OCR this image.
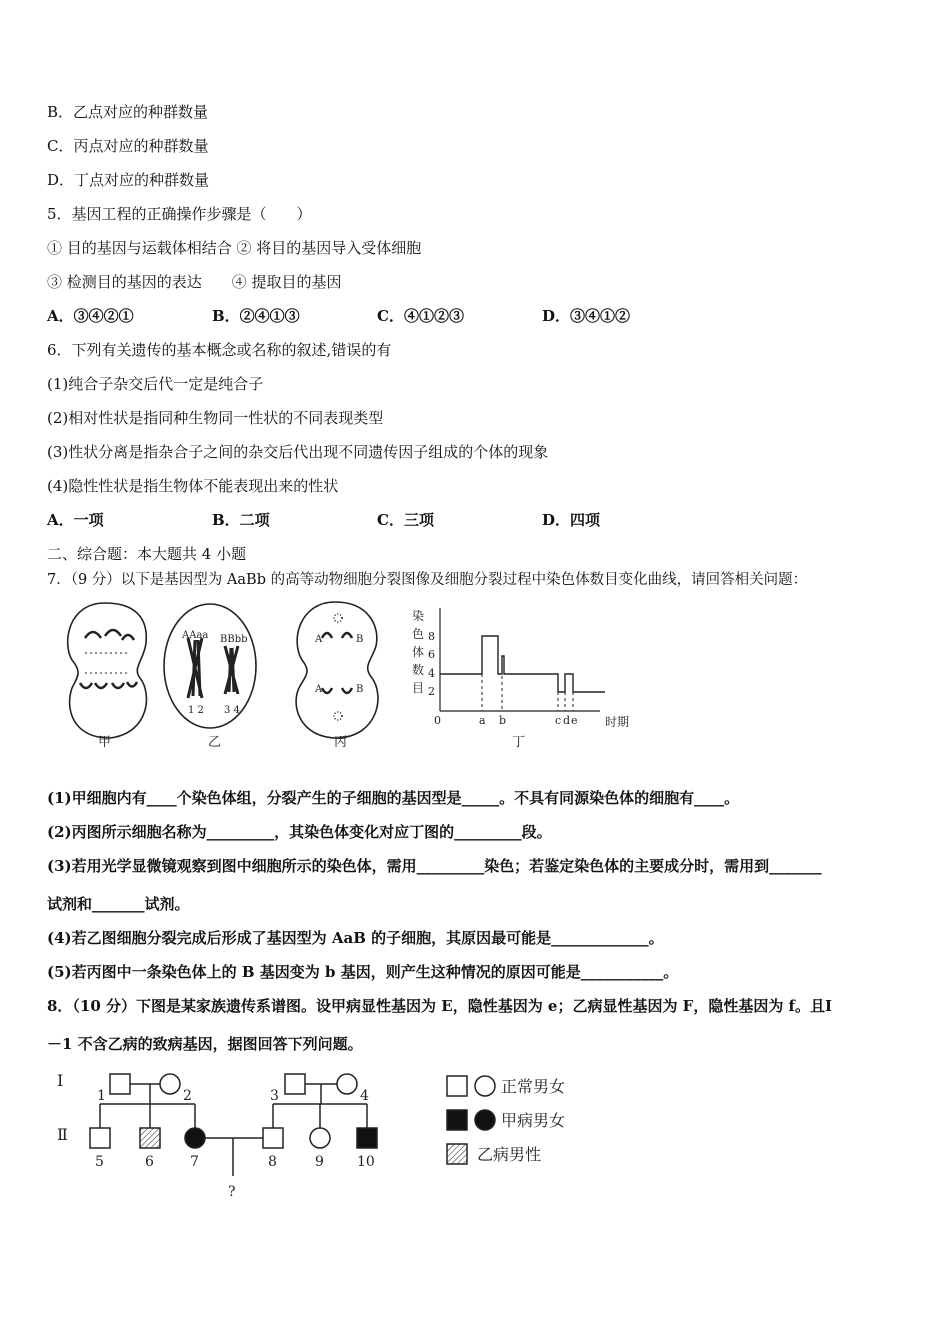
B．乙点对应的种群数量
C．丙点对应的种群数量
D．丁点对应的种群数量
5．基因工程的正确操作步骤是（　　）
① 目的基因与运载体相结合 ② 将目的基因导入受体细胞
③ 检测目的基因的表达　　④ 提取目的基因
A．③④②①	B．②④①③	C．④①②③	D．③④①②
6．下列有关遗传的基本概念或名称的叙述,错误的有
(1)纯合子杂交后代一定是纯合子
(2)相对性状是指同种生物同一性状的不同表现类型
(3)性状分离是指杂合子之间的杂交后代出现不同遗传因子组成的个体的现象
(4)隐性性状是指生物体不能表现出来的性状
A．一项	B．二项	C．三项	D．四项
二、综合题：本大题共 4 小题
7．（9 分）以下是基因型为 AaBb 的高等动物细胞分裂图像及细胞分裂过程中染色体数目变化曲线，请回答相关问题：
甲
AAaa BBbb
1 2 3 4
乙
A	B
A	B
丙
染
色
体
数
目
8
6
4
2
0	a b	c d e 时期
丁
(1)甲细胞内有____个染色体组，分裂产生的子细胞的基因型是_____。不具有同源染色体的细胞有____。
(2)丙图所示细胞名称为_________，其染色体变化对应丁图的_________段。
(3)若用光学显微镜观察到图中细胞所示的染色体，需用_________染色；若鉴定染色体的主要成分时，需用到_______
试剂和_______试剂。
(4)若乙图细胞分裂完成后形成了基因型为 AaB 的子细胞，其原因最可能是_____________。
(5)若丙图中一条染色体上的 B 基因变为 b 基因，则产生这种情况的原因可能是___________。
8．（10 分）下图是某家族遗传系谱图。设甲病显性基因为 E，隐性基因为 e；乙病显性基因为 F，隐性基因为 f。且Ⅰ
－1 不含乙病的致病基因，据图回答下列问题。
Ⅰ
Ⅱ
1	2
5	6	7
3	4
8	9 10
?
正常男女
甲病男女
乙病男性
